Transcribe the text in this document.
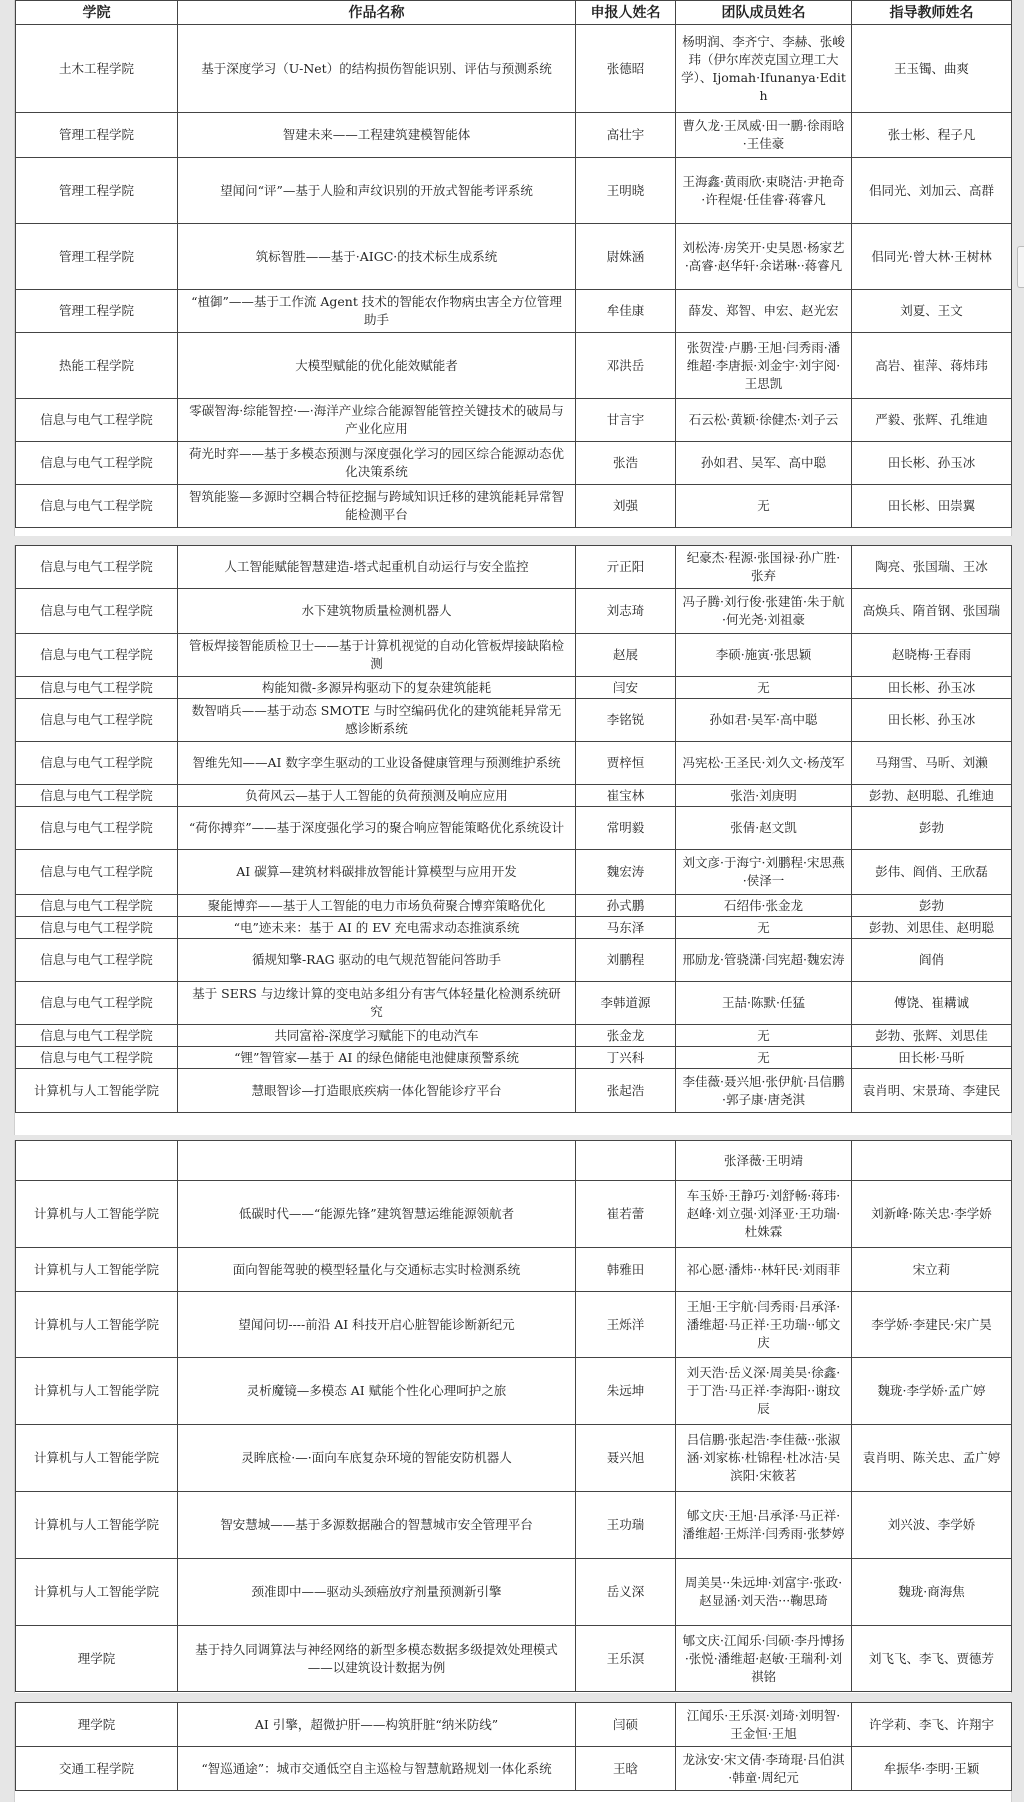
学院	作品名称	申报人姓名	团队成员姓名	指导教师姓名
土木工程学院	基于深度学习（U-Net）的结构损伤智能识别、评估与预测系统	张德昭	杨明润、李齐宁、李赫、张峻玮（伊尔库茨克国立理工大学）、Ijomah·Ifunanya·Edith	王玉镯、曲爽
管理工程学院	智建未来——工程建筑建模智能体	高壮宇	曹久龙·王凤威·田一鹏·徐雨晗·王佳豪	张士彬、程子凡
管理工程学院	望闻问“评”—基于人脸和声纹识别的开放式智能考评系统	王明晓	王海鑫·黄雨欣·束晓洁·尹艳奇·许程焜·任佳睿·蒋睿凡	佀同光、刘加云、高群
管理工程学院	筑标智胜——基于·AIGC·的技术标生成系统	尉姝涵	刘松涛·房笑开·史昊恩·杨家艺·高睿·赵华轩·余诺琳··蒋睿凡	佀同光·曾大林·王树林
管理工程学院	“植御”——基于工作流 Agent 技术的智能农作物病虫害全方位管理助手	牟佳康	薛发、郑智、申宏、赵光宏	刘夏、王文
热能工程学院	大模型赋能的优化能效赋能者	邓洪岳	张贺滢·卢鹏·王旭·闫秀雨·潘维超·李唐振·刘金宇·刘宇阅·王思凯	高岩、崔萍、蒋炜玮
信息与电气工程学院	零碳智海·综能智控·—·海洋产业综合能源智能管控关键技术的破局与产业化应用	甘言宇	石云松·黄颖·徐健杰·刘子云	严毅、张辉、孔维迪
信息与电气工程学院	荷光时弈——基于多模态预测与深度强化学习的园区综合能源动态优化决策系统	张浩	孙如君、吴军、高中聪	田长彬、孙玉冰
信息与电气工程学院	智筑能鉴—多源时空耦合特征挖掘与跨域知识迁移的建筑能耗异常智能检测平台	刘强	无	田长彬、田崇翼
信息与电气工程学院	人工智能赋能智慧建造-塔式起重机自动运行与安全监控	亓正阳	纪豪杰·程源·张国禄·孙广胜·张弃	陶亮、张国瑞、王冰
信息与电气工程学院	水下建筑物质量检测机器人	刘志琦	冯子腾·刘行俊·张建笛·朱于航·何光尧·刘祖豪	高焕兵、隋首钢、张国瑞
信息与电气工程学院	管板焊接智能质检卫士——基于计算机视觉的自动化管板焊接缺陷检测	赵展	李硕·施寅·张思颖	赵晓梅·王春雨
信息与电气工程学院	构能知微-多源异构驱动下的复杂建筑能耗	闫安	无	田长彬、孙玉冰
信息与电气工程学院	数智哨兵——基于动态 SMOTE 与时空编码优化的建筑能耗异常无感诊断系统	李铭锐	孙如君·吴军·高中聪	田长彬、孙玉冰
信息与电气工程学院	智维先知——AI 数字孪生驱动的工业设备健康管理与预测维护系统	贾梓恒	冯宪松·王圣民·刘久文·杨茂军	马翔雪、马昕、刘濑
信息与电气工程学院	负荷风云—基于人工智能的负荷预测及响应应用	崔宝林	张浩·刘庚明	彭勃、赵明聪、孔维迪
信息与电气工程学院	“荷你搏弈”——基于深度强化学习的聚合响应智能策略优化系统设计	常明毅	张倩·赵文凯	彭勃
信息与电气工程学院	AI 碳算—建筑材料碳排放智能计算模型与应用开发	魏宏涛	刘文彦·于海宁·刘鹏程·宋思燕·侯泽一	彭伟、阎俏、王欣磊
信息与电气工程学院	聚能博弈——基于人工智能的电力市场负荷聚合博弈策略优化	孙式鹏	石绍伟·张金龙	彭勃
信息与电气工程学院	“电”迹未来：基于 AI 的 EV 充电需求动态推演系统	马东泽	无	彭勃、刘思佳、赵明聪
信息与电气工程学院	循规知擎-RAG 驱动的电气规范智能问答助手	刘鹏程	邢励龙·管骁潇·闫宪超·魏宏涛	阎俏
信息与电气工程学院	基于 SERS 与边缘计算的变电站多组分有害气体轻量化检测系统研究	李韩道源	王喆·陈默·任猛	傅饶、崔耩诚
信息与电气工程学院	共同富裕-深度学习赋能下的电动汽车	张金龙	无	彭勃、张辉、刘思佳
信息与电气工程学院	“锂”智管家—基于 AI 的绿色储能电池健康预警系统	丁兴科	无	田长彬·马昕
计算机与人工智能学院	慧眼智诊—打造眼底疾病一体化智能诊疗平台	张起浩	李佳薇·聂兴旭·张伊航·吕信鹏·郭子康·唐尧淇	袁肖明、宋景琦、李建民
			张泽薇·王明靖	
计算机与人工智能学院	低碳时代——“能源先锋”建筑智慧运维能源领航者	崔若蕾	车玉娇·王静巧·刘舒畅·蒋玮·赵峰·刘立强·刘泽亚·王功瑞·杜姝霖	刘新峰·陈关忠·李学娇
计算机与人工智能学院	面向智能驾驶的模型轻量化与交通标志实时检测系统	韩雅田	祁心愿·潘炜··林轩民·刘雨菲	宋立莉
计算机与人工智能学院	望闻问切----前沿 AI 科技开启心脏智能诊断新纪元	王烁洋	王旭·王宇航·闫秀雨·吕承泽·潘维超·马正祥·王功瑞··郇文庆	李学娇·李建民·宋广昊
计算机与人工智能学院	灵析魔镜—多模态 AI 赋能个性化心理呵护之旅	朱远坤	刘天浩·岳义深·周美昊·徐鑫·于丁浩·马正祥·李海阳··谢玟辰	魏珑·李学娇·孟广婷
计算机与人工智能学院	灵眸底检·—·面向车底复杂环境的智能安防机器人	聂兴旭	吕信鹏·张起浩·李佳薇··张淑涵·刘家栋·杜锦程·杜冰洁·吴滨阳·宋筱茗	袁肖明、陈关忠、孟广婷
计算机与人工智能学院	智安慧城——基于多源数据融合的智慧城市安全管理平台	王功瑞	郇文庆·王旭·吕承泽·马正祥·潘维超·王烁洋·闫秀雨·张梦婷	刘兴波、李学娇
计算机与人工智能学院	颈准即中——驱动头颈癌放疗剂量预测新引擎	岳义深	周美昊··朱远坤·刘富宇·张政·赵显涵·刘天浩···鞠思琦	魏珑·商海焦
理学院	基于持久同调算法与神经网络的新型多模态数据多级提效处理模式——以建筑设计数据为例	王乐溟	郇文庆·江闻乐·闫硕·李丹博扬·张悦·潘维超·赵敏·王瑞利·刘祺铭	刘飞飞、李飞、贾德芳
理学院	AI 引擎，超微护肝——构筑肝脏“纳米防线”	闫硕	江闻乐·王乐溟·刘琦·刘明智·王金恒·王旭	许学莉、李飞、许翔宇
交通工程学院	“智巡通途”：城市交通低空自主巡检与智慧航路规划一体化系统	王晗	龙泳安·宋文倩·李琦琨·吕伯淇·韩童·周纪元	牟振华·李明·王颖
